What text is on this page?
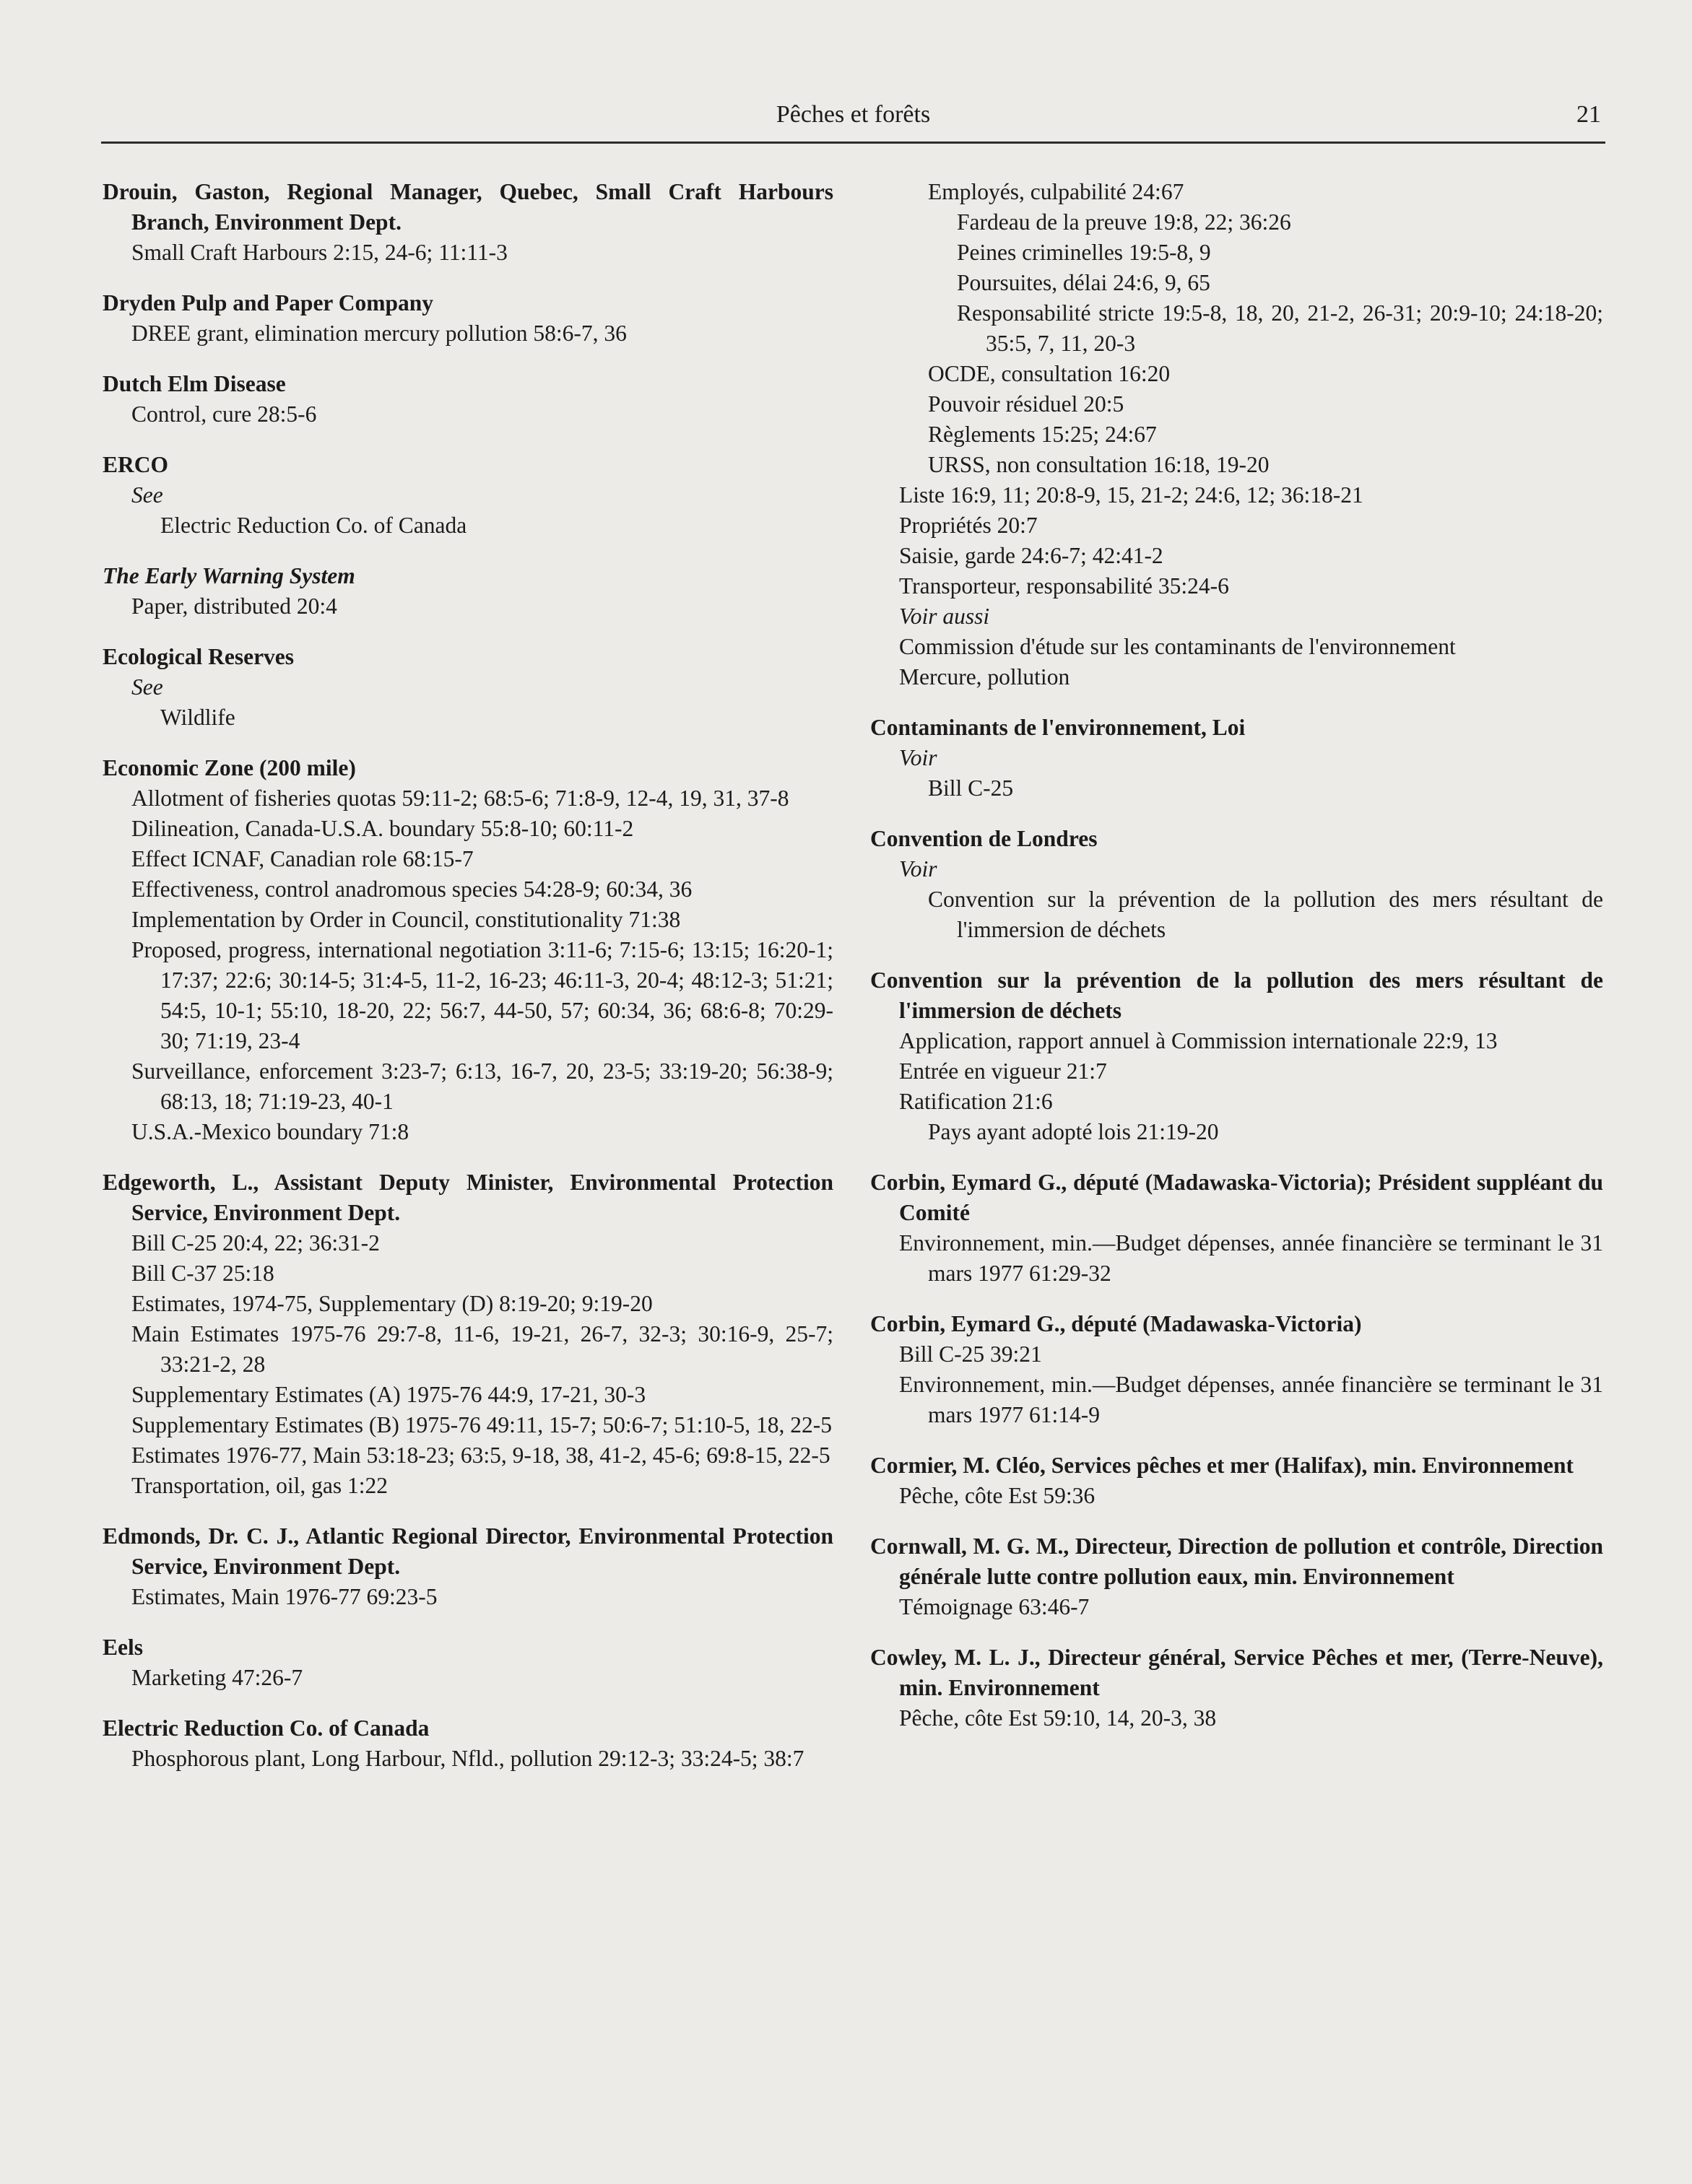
Pêches et forêts	21
Drouin, Gaston, Regional Manager, Quebec, Small Craft Harbours Branch, Environment Dept.
Small Craft Harbours 2:15, 24-6; 11:11-3
Dryden Pulp and Paper Company
DREE grant, elimination mercury pollution 58:6-7, 36
Dutch Elm Disease
Control, cure 28:5-6
ERCO
See
Electric Reduction Co. of Canada
The Early Warning System
Paper, distributed 20:4
Ecological Reserves
See
Wildlife
Economic Zone (200 mile)
Allotment of fisheries quotas 59:11-2; 68:5-6; 71:8-9, 12-4, 19, 31, 37-8
Dilineation, Canada-U.S.A. boundary 55:8-10; 60:11-2
Effect ICNAF, Canadian role 68:15-7
Effectiveness, control anadromous species 54:28-9; 60:34, 36
Implementation by Order in Council, constitutionality 71:38
Proposed, progress, international negotiation 3:11-6; 7:15-6; 13:15; 16:20-1; 17:37; 22:6; 30:14-5; 31:4-5, 11-2, 16-23; 46:11-3, 20-4; 48:12-3; 51:21; 54:5, 10-1; 55:10, 18-20, 22; 56:7, 44-50, 57; 60:34, 36; 68:6-8; 70:29-30; 71:19, 23-4
Surveillance, enforcement 3:23-7; 6:13, 16-7, 20, 23-5; 33:19-20; 56:38-9; 68:13, 18; 71:19-23, 40-1
U.S.A.-Mexico boundary 71:8
Edgeworth, L., Assistant Deputy Minister, Environmental Protection Service, Environment Dept.
Bill C-25 20:4, 22; 36:31-2
Bill C-37 25:18
Estimates, 1974-75, Supplementary (D) 8:19-20; 9:19-20
Main Estimates 1975-76 29:7-8, 11-6, 19-21, 26-7, 32-3; 30:16-9, 25-7; 33:21-2, 28
Supplementary Estimates (A) 1975-76 44:9, 17-21, 30-3
Supplementary Estimates (B) 1975-76 49:11, 15-7; 50:6-7; 51:10-5, 18, 22-5
Estimates 1976-77, Main 53:18-23; 63:5, 9-18, 38, 41-2, 45-6; 69:8-15, 22-5
Transportation, oil, gas 1:22
Edmonds, Dr. C. J., Atlantic Regional Director, Environmental Protection Service, Environment Dept.
Estimates, Main 1976-77 69:23-5
Eels
Marketing 47:26-7
Electric Reduction Co. of Canada
Phosphorous plant, Long Harbour, Nfld., pollution 29:12-3; 33:24-5; 38:7
Employés, culpabilité 24:67
Fardeau de la preuve 19:8, 22; 36:26
Peines criminelles 19:5-8, 9
Poursuites, délai 24:6, 9, 65
Responsabilité stricte 19:5-8, 18, 20, 21-2, 26-31; 20:9-10; 24:18-20; 35:5, 7, 11, 20-3
OCDE, consultation 16:20
Pouvoir résiduel 20:5
Règlements 15:25; 24:67
URSS, non consultation 16:18, 19-20
Liste 16:9, 11; 20:8-9, 15, 21-2; 24:6, 12; 36:18-21
Propriétés 20:7
Saisie, garde 24:6-7; 42:41-2
Transporteur, responsabilité 35:24-6
Voir aussi
Commission d'étude sur les contaminants de l'environnement
Mercure, pollution
Contaminants de l'environnement, Loi
Voir
Bill C-25
Convention de Londres
Voir
Convention sur la prévention de la pollution des mers résultant de l'immersion de déchets
Convention sur la prévention de la pollution des mers résultant de l'immersion de déchets
Application, rapport annuel à Commission internationale 22:9, 13
Entrée en vigueur 21:7
Ratification 21:6
Pays ayant adopté lois 21:19-20
Corbin, Eymard G., député (Madawaska-Victoria); Président suppléant du Comité
Environnement, min.—Budget dépenses, année financière se terminant le 31 mars 1977 61:29-32
Corbin, Eymard G., député (Madawaska-Victoria)
Bill C-25 39:21
Environnement, min.—Budget dépenses, année financière se terminant le 31 mars 1977 61:14-9
Cormier, M. Cléo, Services pêches et mer (Halifax), min. Environnement
Pêche, côte Est 59:36
Cornwall, M. G. M., Directeur, Direction de pollution et contrôle, Direction générale lutte contre pollution eaux, min. Environnement
Témoignage 63:46-7
Cowley, M. L. J., Directeur général, Service Pêches et mer, (Terre-Neuve), min. Environnement
Pêche, côte Est 59:10, 14, 20-3, 38
